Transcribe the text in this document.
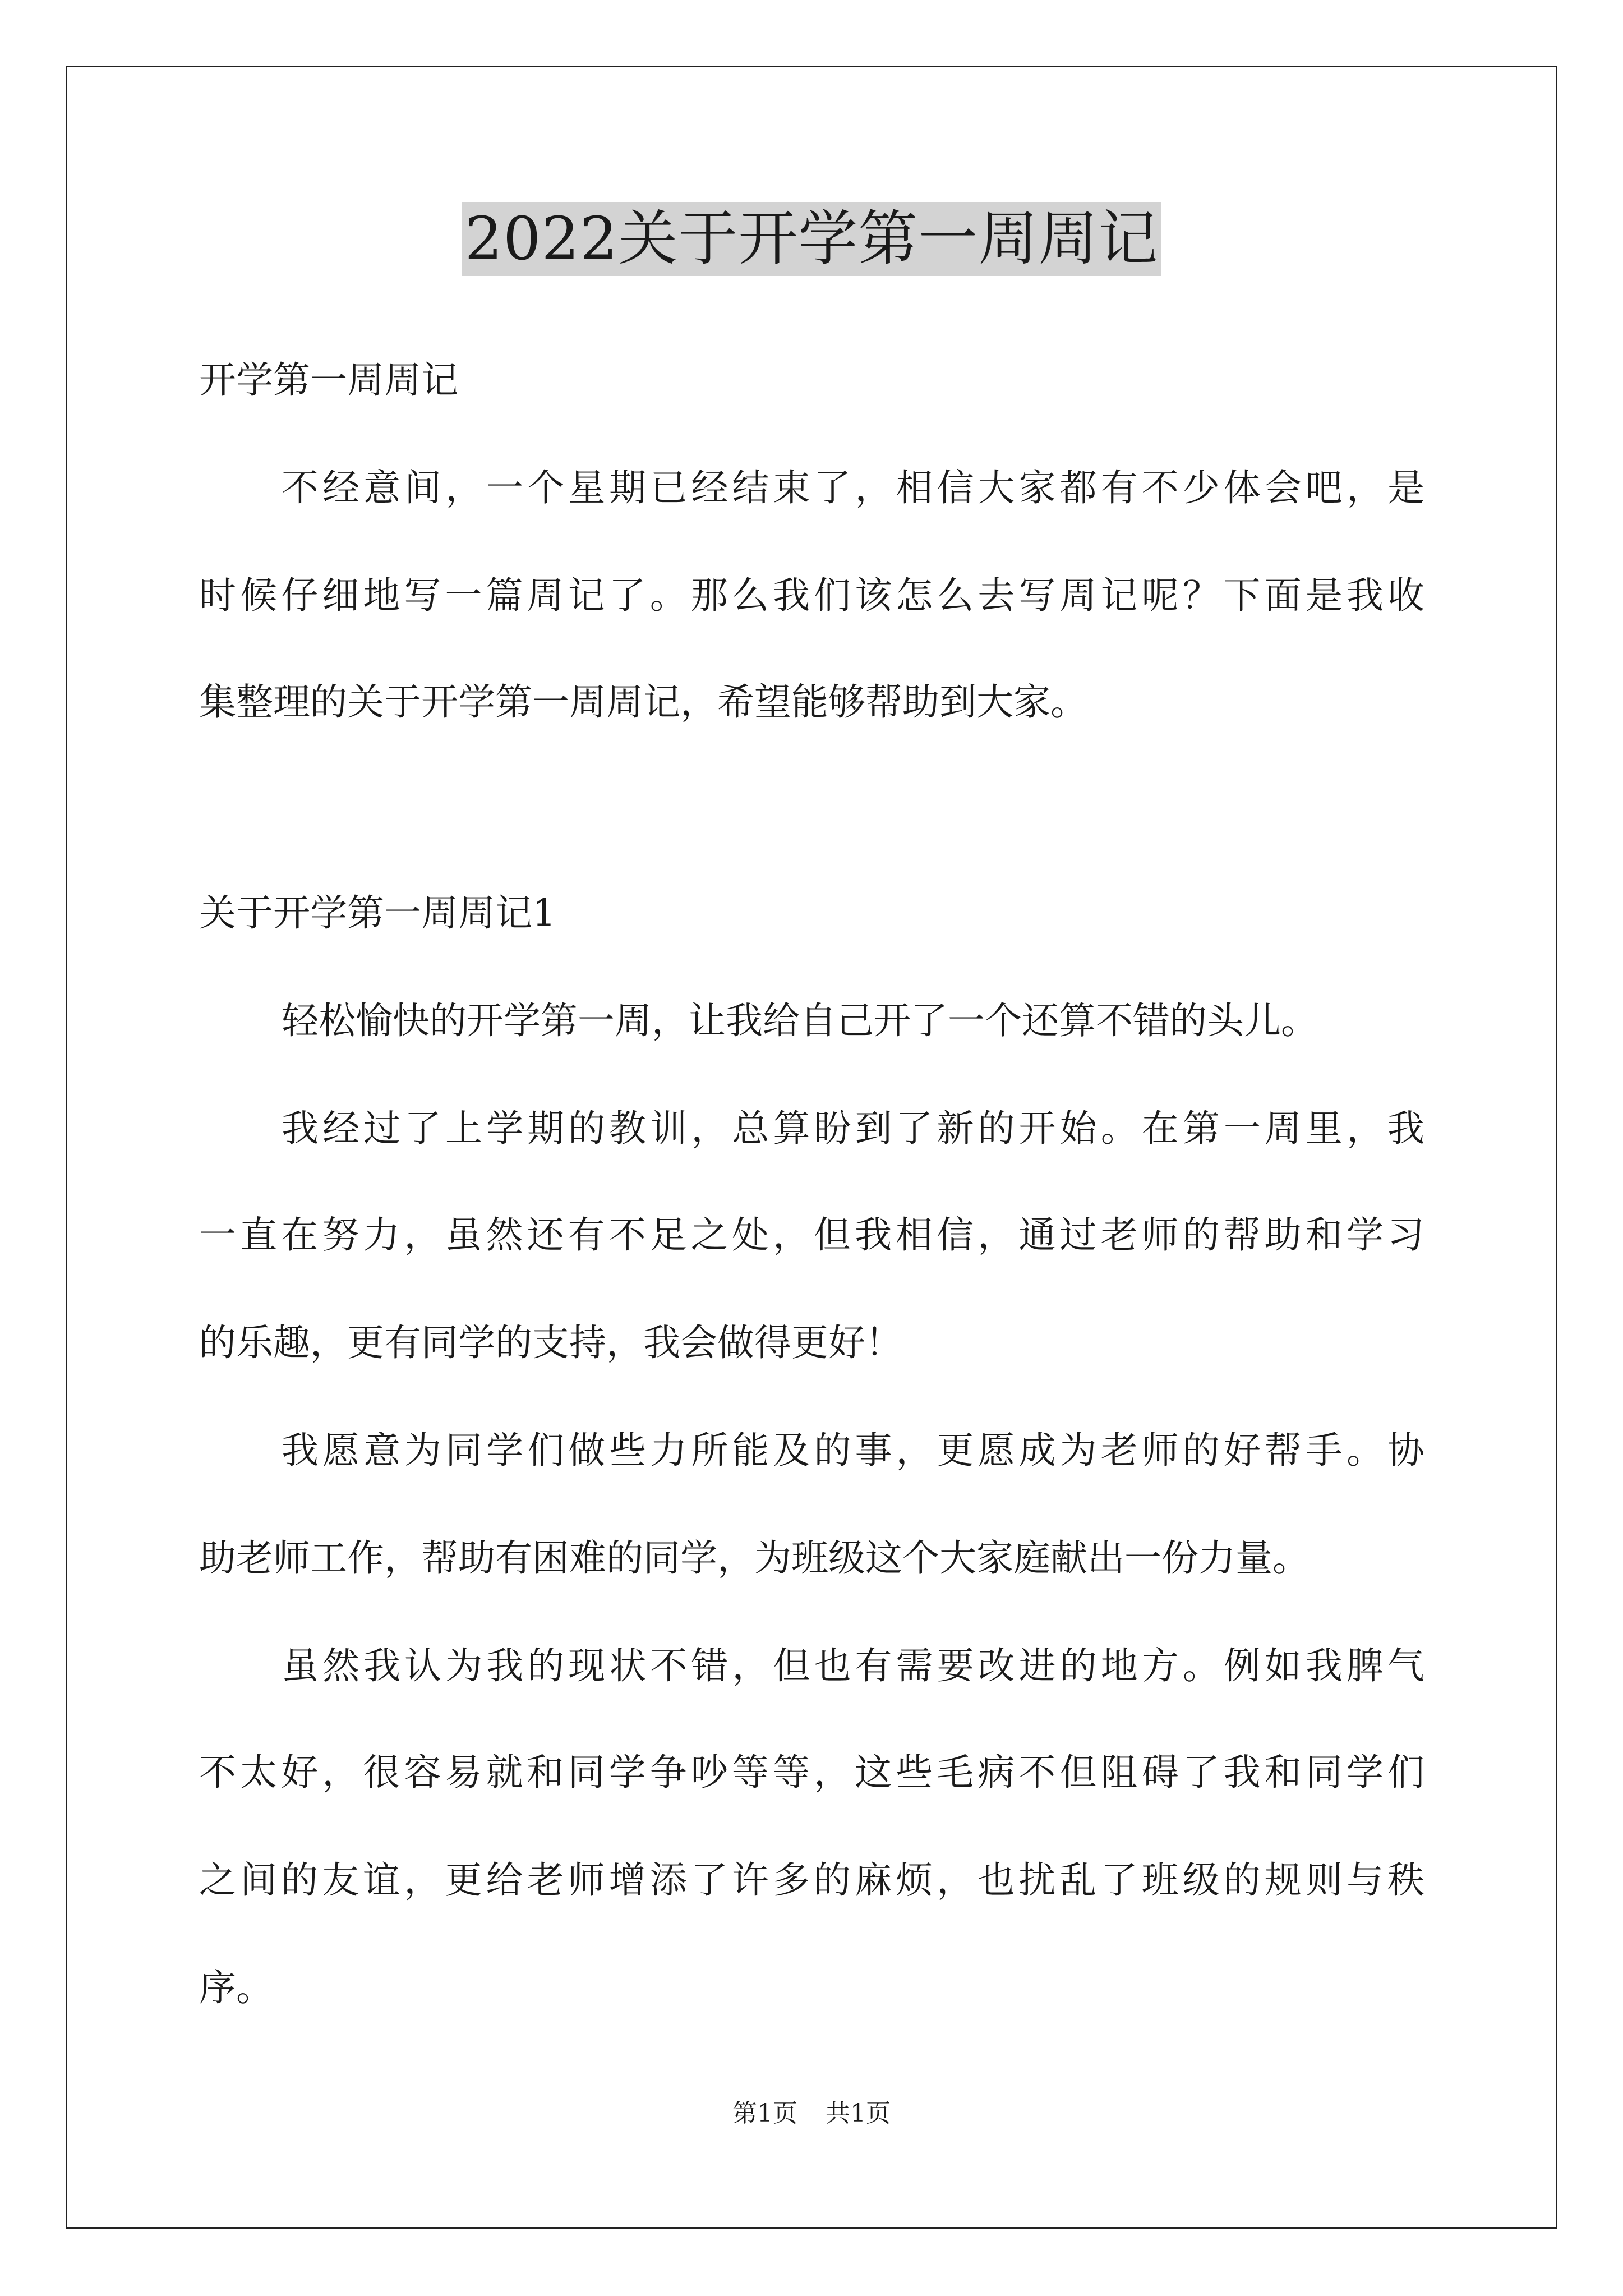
2022关于开学第一周周记

开学第一周周记

不经意间，一个星期已经结束了，相信大家都有不少体会吧，是

时候仔细地写一篇周记了。那么我们该怎么去写周记呢？下面是我收

集整理的关于开学第一周周记，希望能够帮助到大家。

关于开学第一周周记1

轻松愉快的开学第一周，让我给自己开了一个还算不错的头儿。

我经过了上学期的教训，总算盼到了新的开始。在第一周里，我

一直在努力，虽然还有不足之处，但我相信，通过老师的帮助和学习

的乐趣，更有同学的支持，我会做得更好！

我愿意为同学们做些力所能及的事，更愿成为老师的好帮手。协

助老师工作，帮助有困难的同学，为班级这个大家庭献出一份力量。

虽然我认为我的现状不错，但也有需要改进的地方。例如我脾气

不太好，很容易就和同学争吵等等，这些毛病不但阻碍了我和同学们

之间的友谊，更给老师增添了许多的麻烦，也扰乱了班级的规则与秩

序。

第1页 共1页
